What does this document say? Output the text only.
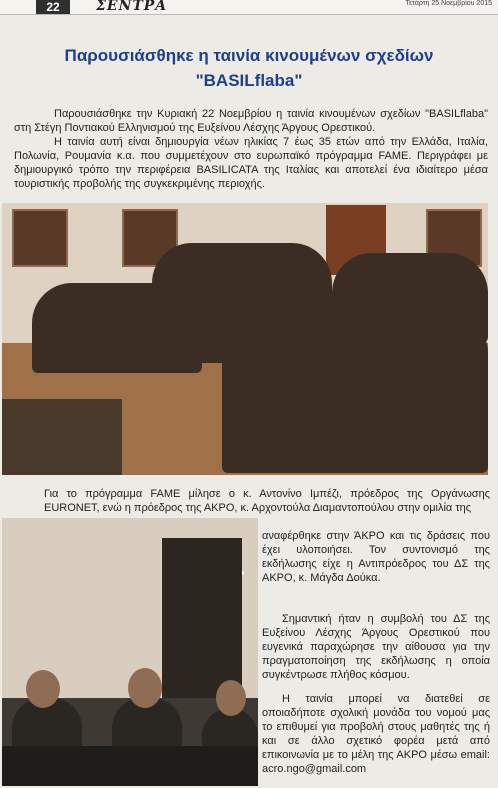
22	ΣΕΝΤΡΑ	Τετάρτη 25 Νοεμβρίου 2015
Παρουσιάσθηκε η ταινία κινουμένων σχεδίων
"BASILflaba"
Παρουσιάσθηκε την Κυριακή 22 Νοεμβρίου η ταινία κινουμένων σχεδίων "BASILflaba" στη Στέγη Ποντιακού Ελληνισμού της Ευξείνου Λέσχης Άργους Ορεστικού.
Η ταινία αυτή είναι δημιουργία νέων ηλικίας 7 έως 35 ετών από την Ελλάδα, Ιταλία, Πολωνία, Ρουμανία κ.α. που συμμετέχουν στο ευρωπαϊκό πρόγραμμα FAME. Περιγράφει με δημιουργικό τρόπο την περιφέρεια BASILICATA της Ιταλίας και αποτελεί ένα ιδιαίτερο μέσα τουριστικής προβολής της συγκεκριμένης περιοχής.
Για το πρόγραμμα FAME μίλησε ο κ. Αντονίνο Ιμπέζι, πρόεδρος της Οργάνωσης EURONET, ενώ η πρόεδρος της ΑΚΡΟ, κ. Αρχοντούλα Διαμαντοπούλου στην ομιλία της
αναφέρθηκε στην ΆΚΡΟ και τις δράσεις που έχει υλοποιήσει. Τον συντονισμό της εκδήλωσης είχε η Αντιπρόεδρος του ΔΣ της ΑΚΡΟ, κ. Μάγδα Δούκα.
Σημαντική ήταν η συμβολή του ΔΣ της Ευξείνου Λέσχης Άργους Ορεστικού που ευγενικά παραχώρησε την αίθουσα για την πραγματοποίηση της εκδήλωσης η οποία συγκέντρωσε πλήθος κόσμου.
Η ταινία μπορεί να διατεθεί σε οποιαδήποτε σχολική μονάδα του νομού μας το επιθυμεί για προβολή στους μαθητές της ή και σε άλλο σχετικό φορέα μετά από επικοινωνία με το μέλη της ΑΚΡΟ μέσω email: acro.ngo@gmail.com
